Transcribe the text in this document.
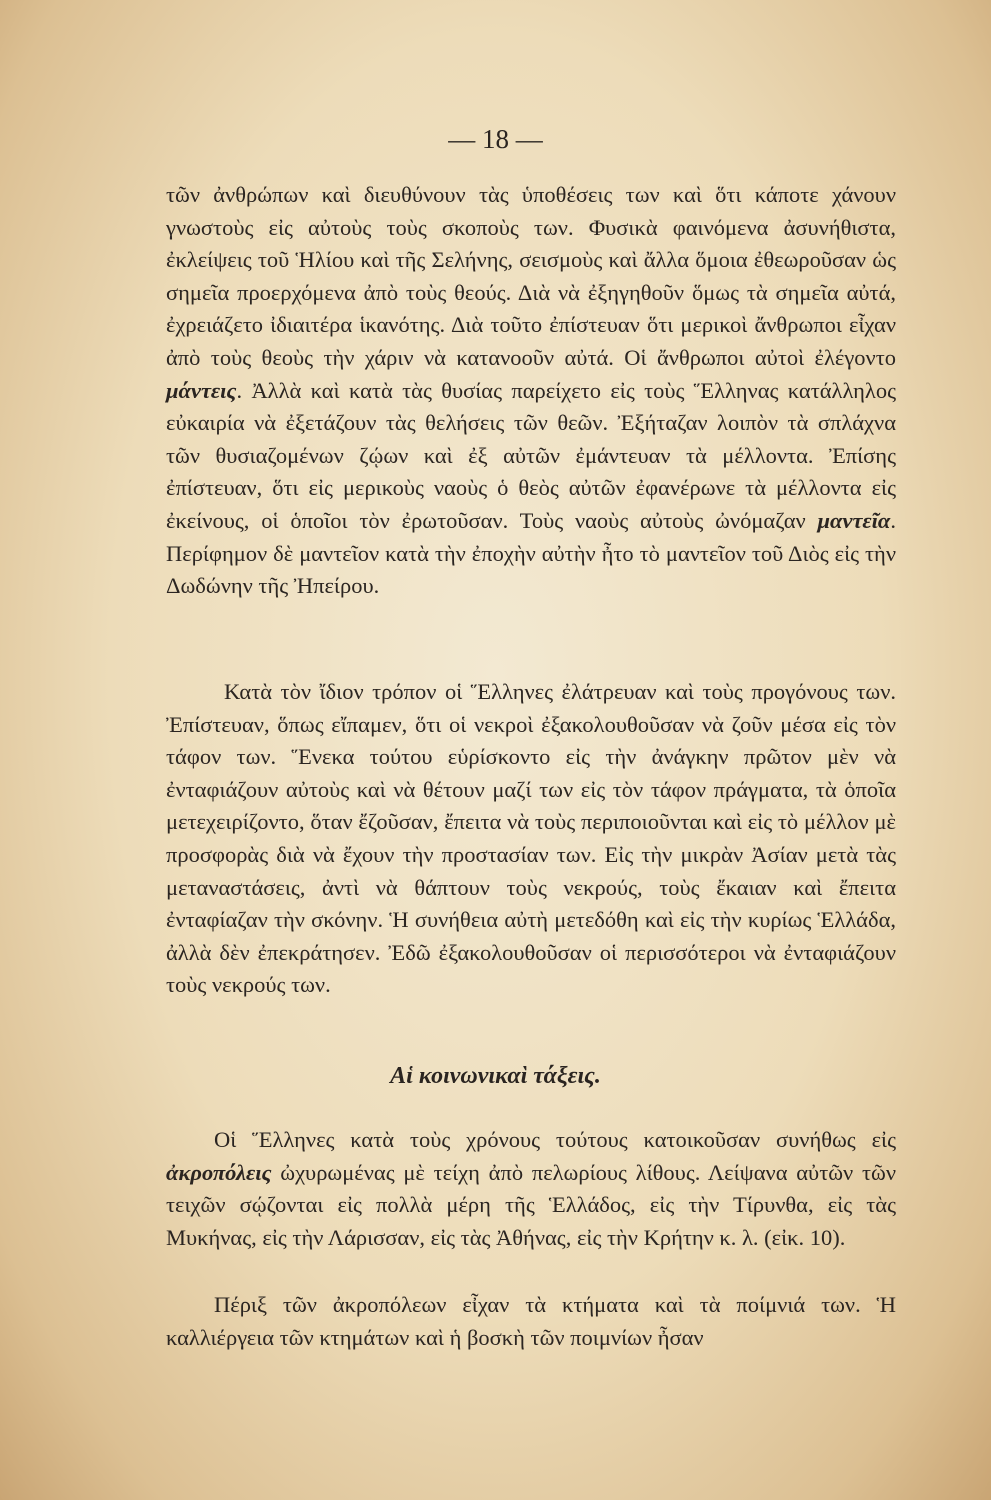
— 18 —

τῶν ἀνθρώπων καὶ διευθύνουν τὰς ὑποθέσεις των καὶ ὅτι κάποτε χάνουν γνωστοὺς εἰς αὐτοὺς τοὺς σκοποὺς των. Φυσικὰ φαινόμενα ἀσυνήθιστα, ἐκλείψεις τοῦ Ἡλίου καὶ τῆς Σελήνης, σεισμοὺς καὶ ἄλλα ὅμοια ἐθεωροῦσαν ὡς σημεῖα προερχόμενα ἀπὸ τοὺς θεούς. Διὰ νὰ ἐξηγηθοῦν ὅμως τὰ σημεῖα αὐτά, ἐχρειάζετο ἰδιαιτέρα ἱκανότης. Διὰ τοῦτο ἐπίστευαν ὅτι μερικοὶ ἄνθρωποι εἶχαν ἀπὸ τοὺς θεοὺς τὴν χάριν νὰ κατανοοῦν αὐτά. Οἱ ἄνθρωποι αὐτοὶ ἐλέγοντο μάντεις. Ἀλλὰ καὶ κατὰ τὰς θυσίας παρείχετο εἰς τοὺς Ἕλληνας κατάλληλος εὐκαιρία νὰ ἐξετάζουν τὰς θελήσεις τῶν θεῶν. Ἐξήταζαν λοιπὸν τὰ σπλάχνα τῶν θυσιαζομένων ζῴων καὶ ἐξ αὐτῶν ἐμάντευαν τὰ μέλλοντα. Ἐπίσης ἐπίστευαν, ὅτι εἰς μερικοὺς ναοὺς ὁ θεὸς αὐτῶν ἐφανέρωνε τὰ μέλλοντα εἰς ἐκείνους, οἱ ὁποῖοι τὸν ἐρωτοῦσαν. Τοὺς ναοὺς αὐτοὺς ὠνόμαζαν μαντεῖα. Περίφημον δὲ μαντεῖον κατὰ τὴν ἐποχὴν αὐτὴν ἦτο τὸ μαντεῖον τοῦ Διὸς εἰς τὴν Δωδώνην τῆς Ἠπείρου.

Κατὰ τὸν ἴδιον τρόπον οἱ Ἕλληνες ἐλάτρευαν καὶ τοὺς προγόνους των. Ἐπίστευαν, ὅπως εἴπαμεν, ὅτι οἱ νεκροὶ ἐξακολουθοῦσαν νὰ ζοῦν μέσα εἰς τὸν τάφον των. Ἕνεκα τούτου εὑρίσκοντο εἰς τὴν ἀνάγκην πρῶτον μὲν νὰ ἐνταφιάζουν αὐτοὺς καὶ νὰ θέτουν μαζί των εἰς τὸν τάφον πράγματα, τὰ ὁποῖα μετεχειρίζοντο, ὅταν ἔζοῦσαν, ἔπειτα νὰ τοὺς περιποιοῦνται καὶ εἰς τὸ μέλλον μὲ προσφορὰς διὰ νὰ ἔχουν τὴν προστασίαν των. Εἰς τὴν μικρὰν Ἀσίαν μετὰ τὰς μεταναστάσεις, ἀντὶ νὰ θάπτουν τοὺς νεκρούς, τοὺς ἔκαιαν καὶ ἔπειτα ἐνταφίαζαν τὴν σκόνην. Ἡ συνήθεια αὐτὴ μετεδόθη καὶ εἰς τὴν κυρίως Ἑλλάδα, ἀλλὰ δὲν ἐπεκράτησεν. Ἐδῶ ἐξακολουθοῦσαν οἱ περισσότεροι νὰ ἐνταφιάζουν τοὺς νεκρούς των.

Αἱ κοινωνικαὶ τάξεις.

Οἱ Ἕλληνες κατὰ τοὺς χρόνους τούτους κατοικοῦσαν συνήθως εἰς ἀκροπόλεις ὠχυρωμένας μὲ τείχη ἀπὸ πελωρίους λίθους. Λείψανα αὐτῶν τῶν τειχῶν σῴζονται εἰς πολλὰ μέρη τῆς Ἑλλάδος, εἰς τὴν Τίρυνθα, εἰς τὰς Μυκήνας, εἰς τὴν Λάρισσαν, εἰς τὰς Ἀθήνας, εἰς τὴν Κρήτην κ. λ. (εἰκ. 10).

Πέριξ τῶν ἀκροπόλεων εἶχαν τὰ κτήματα καὶ τὰ ποίμνιά των. Ἡ καλλιέργεια τῶν κτημάτων καὶ ἡ βοσκὴ τῶν ποιμνίων ἦσαν
